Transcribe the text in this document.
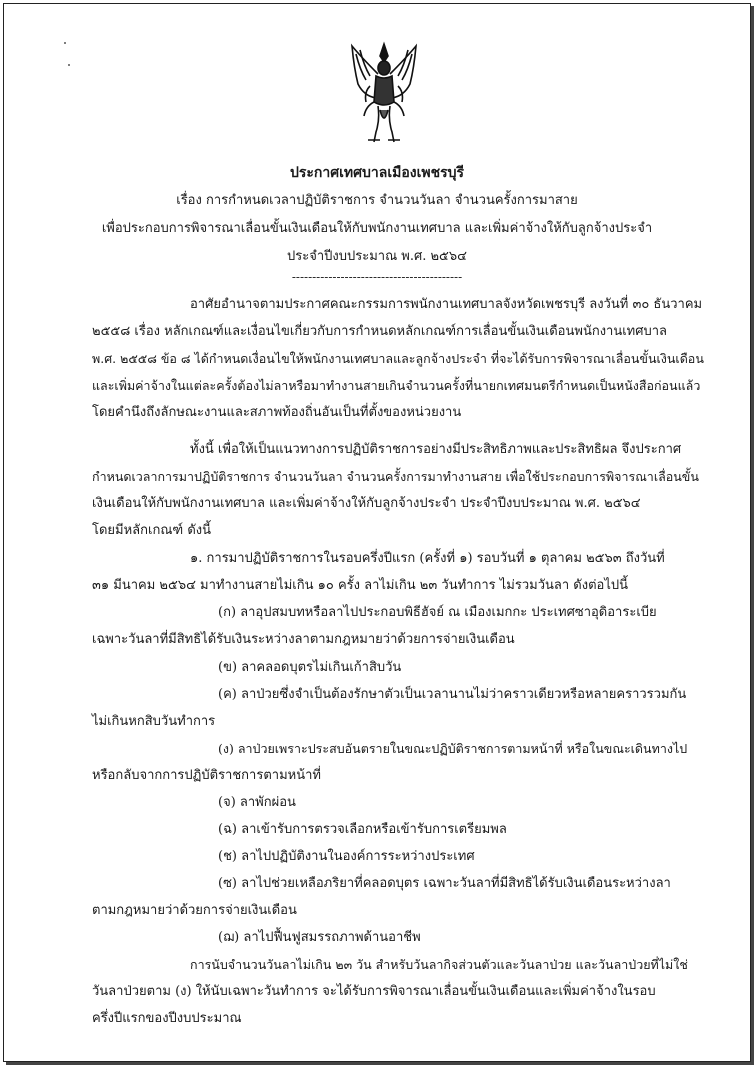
ประกาศเทศบาลเมืองเพชรบุรี
เรื่อง การกำหนดเวลาปฏิบัติราชการ จำนวนวันลา จำนวนครั้งการมาสาย
เพื่อประกอบการพิจารณาเลื่อนขั้นเงินเดือนให้กับพนักงานเทศบาล และเพิ่มค่าจ้างให้กับลูกจ้างประจำ
ประจำปีงบประมาณ พ.ศ. ๒๕๖๔
------------------------------------------
อาศัยอำนาจตามประกาศคณะกรรมการพนักงานเทศบาลจังหวัดเพชรบุรี ลงวันที่ ๓๐ ธันวาคม
๒๕๕๘ เรื่อง หลักเกณฑ์และเงื่อนไขเกี่ยวกับการกำหนดหลักเกณฑ์การเลื่อนขั้นเงินเดือนพนักงานเทศบาล
พ.ศ. ๒๕๕๘ ข้อ ๘ ได้กำหนดเงื่อนไขให้พนักงานเทศบาลและลูกจ้างประจำ ที่จะได้รับการพิจารณาเลื่อนขั้นเงินเดือน
และเพิ่มค่าจ้างในแต่ละครั้งต้องไม่ลาหรือมาทำงานสายเกินจำนวนครั้งที่นายกเทศมนตรีกำหนดเป็นหนังสือก่อนแล้ว
โดยคำนึงถึงลักษณะงานและสภาพท้องถิ่นอันเป็นที่ตั้งของหน่วยงาน
ทั้งนี้ เพื่อให้เป็นแนวทางการปฏิบัติราชการอย่างมีประสิทธิภาพและประสิทธิผล จึงประกาศ
กำหนดเวลาการมาปฏิบัติราชการ จำนวนวันลา จำนวนครั้งการมาทำงานสาย เพื่อใช้ประกอบการพิจารณาเลื่อนขั้น
เงินเดือนให้กับพนักงานเทศบาล และเพิ่มค่าจ้างให้กับลูกจ้างประจำ ประจำปีงบประมาณ พ.ศ. ๒๕๖๔
โดยมีหลักเกณฑ์ ดังนี้
๑. การมาปฏิบัติราชการในรอบครึ่งปีแรก (ครั้งที่ ๑) รอบวันที่ ๑ ตุลาคม ๒๕๖๓ ถึงวันที่
๓๑ มีนาคม ๒๕๖๔ มาทำงานสายไม่เกิน ๑๐ ครั้ง ลาไม่เกิน ๒๓ วันทำการ ไม่รวมวันลา ดังต่อไปนี้
(ก) ลาอุปสมบทหรือลาไปประกอบพิธีฮัจย์ ณ เมืองเมกกะ ประเทศซาอุดิอาระเบีย
เฉพาะวันลาที่มีสิทธิได้รับเงินระหว่างลาตามกฎหมายว่าด้วยการจ่ายเงินเดือน
(ข) ลาคลอดบุตรไม่เกินเก้าสิบวัน
(ค) ลาป่วยซึ่งจำเป็นต้องรักษาตัวเป็นเวลานานไม่ว่าคราวเดียวหรือหลายคราวรวมกัน
ไม่เกินหกสิบวันทำการ
(ง) ลาป่วยเพราะประสบอันตรายในขณะปฏิบัติราชการตามหน้าที่ หรือในขณะเดินทางไป
หรือกลับจากการปฏิบัติราชการตามหน้าที่
(จ) ลาพักผ่อน
(ฉ) ลาเข้ารับการตรวจเลือกหรือเข้ารับการเตรียมพล
(ช) ลาไปปฏิบัติงานในองค์การระหว่างประเทศ
(ซ) ลาไปช่วยเหลือภริยาที่คลอดบุตร เฉพาะวันลาที่มีสิทธิได้รับเงินเดือนระหว่างลา
ตามกฎหมายว่าด้วยการจ่ายเงินเดือน
(ฌ) ลาไปฟื้นฟูสมรรถภาพด้านอาชีพ
การนับจำนวนวันลาไม่เกิน ๒๓ วัน สำหรับวันลากิจส่วนตัวและวันลาป่วย และวันลาป่วยที่ไม่ใช่
วันลาป่วยตาม (ง) ให้นับเฉพาะวันทำการ จะได้รับการพิจารณาเลื่อนขั้นเงินเดือนและเพิ่มค่าจ้างในรอบ
ครึ่งปีแรกของปีงบประมาณ
